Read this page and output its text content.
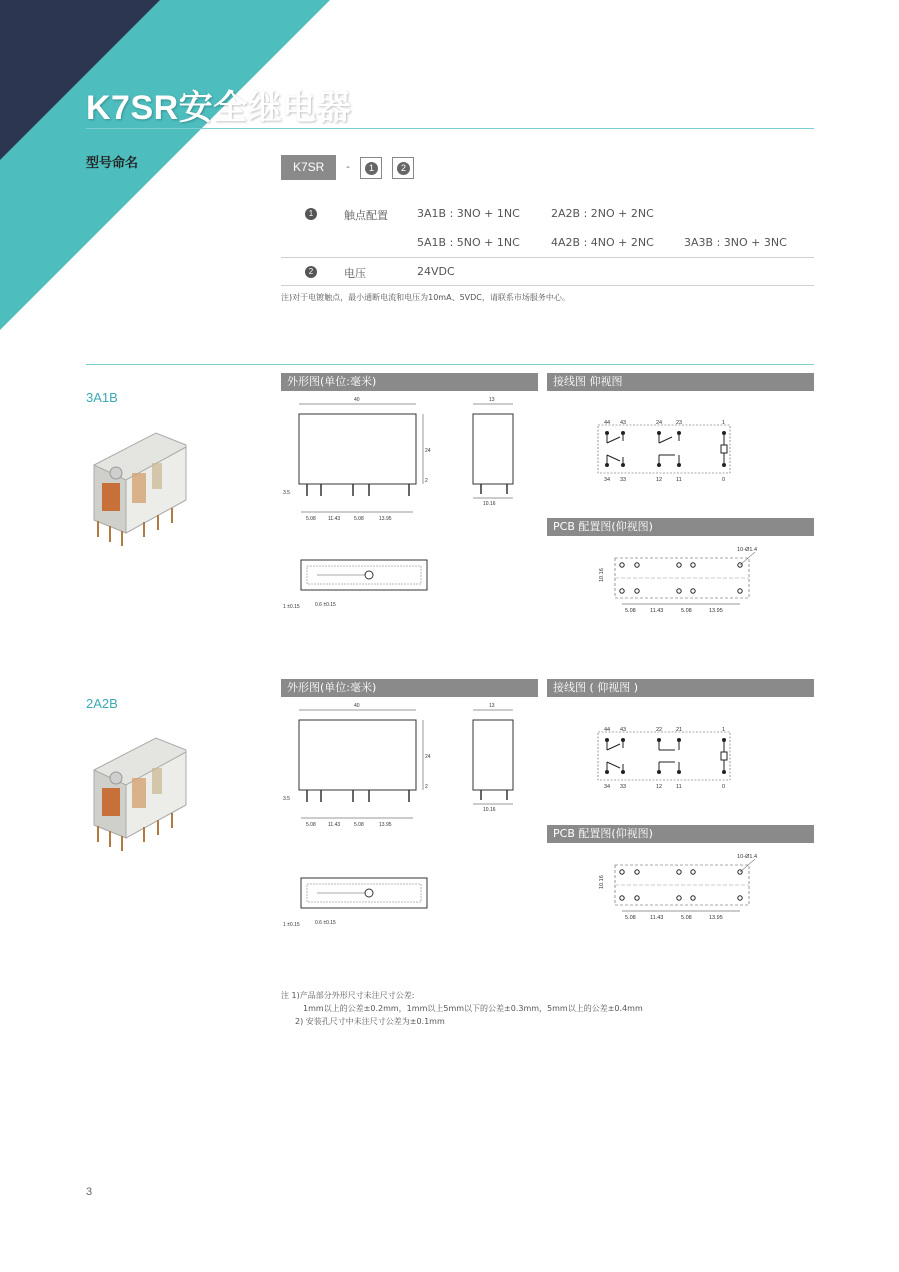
K7SR安全继电器
型号命名	K7SR	-	1	2
1	触点配置	3A1B : 3NO + 1NC	2A2B : 2NO + 2NC
5A1B : 5NO + 1NC	4A2B : 4NO + 2NC	3A3B : 3NO + 3NC
2	电压	24VDC
注)对于电镀触点，最小通断电流和电压为10mA、5VDC，请联系市场服务中心。
3A1B
外形图(单位:毫米)	接线图 仰视图
PCB 配置图(仰视图)
40
24
2
3.5
5.08 11.43	5.08	13.95
13
10.16
1 ±0.15	0.6 ±0.15
44 43	24	23	1
34 33	12	11	0
10-Ø1.4
10.16
5.08	11.43	5.08	13.95
2A2B
外形图(单位:毫米)	接线图 ( 仰视图 )
PCB 配置图(仰视图)
40
24
2
3.5
5.08 11.43	5.08	13.95
13
10.16
1 ±0.15	0.6 ±0.15
44 43	22	21	1
34 33	12	11	0
10-Ø1.4
10.16
5.08	11.43	5.08	13.95
注 1)产品部分外形尺寸未注尺寸公差:
1mm以上的公差±0.2mm，1mm以上5mm以下的公差±0.3mm，5mm以上的公差±0.4mm
2) 安装孔尺寸中未注尺寸公差为±0.1mm
3
